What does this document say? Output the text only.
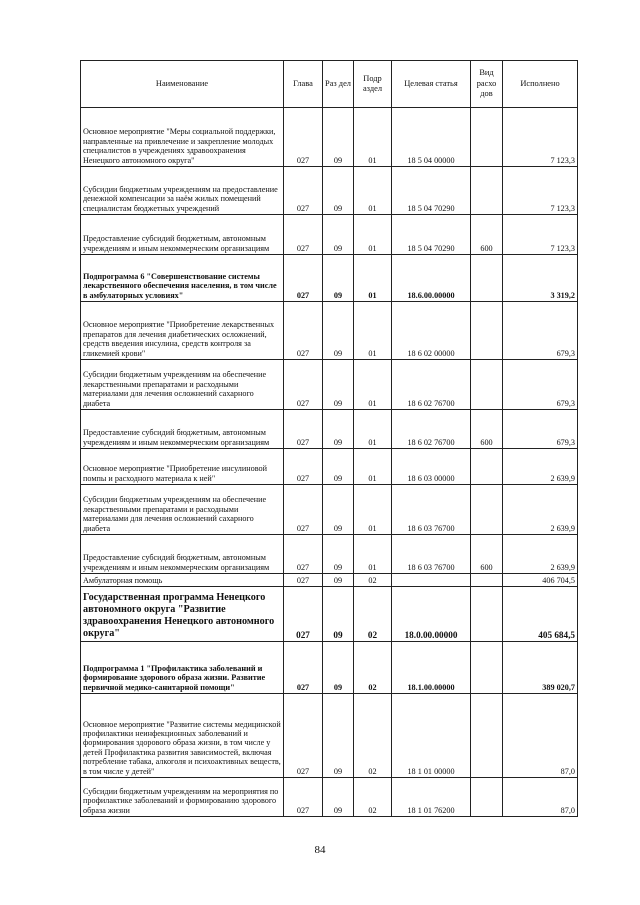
Наименование	Глава	Раз дел	Подр аздел	Целевая статья	Вид расхо дов	Исполнено
Основное мероприятие "Меры социальной поддержки, направленные на привлечение и закрепление молодых специалистов в учреждениях здравоохранения Ненецкого автономного округа"	027	09	01	18 5 04 00000		7 123,3
Субсидии бюджетным учреждениям на предоставление денежной компенсации за наём жилых помещений специалистам бюджетных учреждений	027	09	01	18 5 04 70290		7 123,3
Предоставление субсидий бюджетным, автономным учреждениям и иным некоммерческим организациям	027	09	01	18 5 04 70290	600	7 123,3
Подпрограмма 6 "Совершенствование системы лекарственного обеспечения населения, в том числе в амбулаторных условиях"	027	09	01	18.6.00.00000		3 319,2
Основное мероприятие "Приобретение лекарственных препаратов для лечения диабетических осложнений, средств введения инсулина, средств контроля за гликемией крови"	027	09	01	18 6 02 00000		679,3
Субсидии бюджетным учреждениям на обеспечение лекарственными препаратами и расходными материалами для лечения осложнений сахарного диабета	027	09	01	18 6 02 76700		679,3
Предоставление субсидий бюджетным, автономным учреждениям и иным некоммерческим организациям	027	09	01	18 6 02 76700	600	679,3
Основное мероприятие "Приобретение инсулиновой помпы и расходного материала к ней"	027	09	01	18 6 03 00000		2 639,9
Субсидии бюджетным учреждениям на обеспечение лекарственными препаратами и расходными материалами для лечения осложнений сахарного диабета	027	09	01	18 6 03 76700		2 639,9
Предоставление субсидий бюджетным, автономным учреждениям и иным некоммерческим организациям	027	09	01	18 6 03 76700	600	2 639,9
Амбулаторная помощь	027	09	02			406 704,5
Государственная программа Ненецкого автономного округа "Развитие здравоохранения Ненецкого автономного округа"	027	09	02	18.0.00.00000		405 684,5
Подпрограмма 1 "Профилактика заболеваний и формирование здорового образа жизни. Развитие первичной медико-санитарной помощи"	027	09	02	18.1.00.00000		389 020,7
Основное мероприятие "Развитие системы медицинской профилактики неинфекционных заболеваний и формирования здорового образа жизни, в том числе у детей Профилактика развития зависимостей, включая потребление табака, алкоголя и психоактивных веществ, в том числе у детей"	027	09	02	18 1 01 00000		87,0
Субсидии бюджетным учреждениям на мероприятия по профилактике заболеваний и формированию здорового образа жизни	027	09	02	18 1 01 76200		87,0
84
